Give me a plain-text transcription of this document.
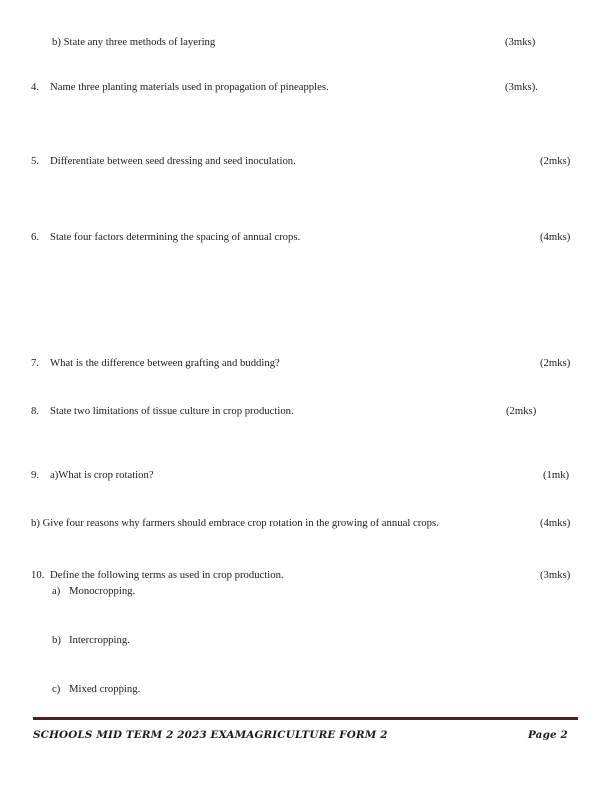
b) State any three methods of layering	(3mks)
4. Name three planting materials used in propagation of pineapples.	(3mks).
5. Differentiate between seed dressing and seed inoculation.	(2mks)
6. State four factors determining the spacing of annual crops.	(4mks)
7. What is the difference between grafting and budding?	(2mks)
8. State two limitations of tissue culture in crop production.	(2mks)
9. a)What is crop rotation?	(1mk)
b) Give four reasons why farmers should embrace crop rotation in the growing of annual crops.	(4mks)
10. Define the following terms as used in crop production.	(3mks)
a) Monocropping.
b) Intercropping.
c) Mixed cropping.
SCHOOLS MID TERM 2 2023 EXAMAGRICULTURE FORM 2	Page 2
